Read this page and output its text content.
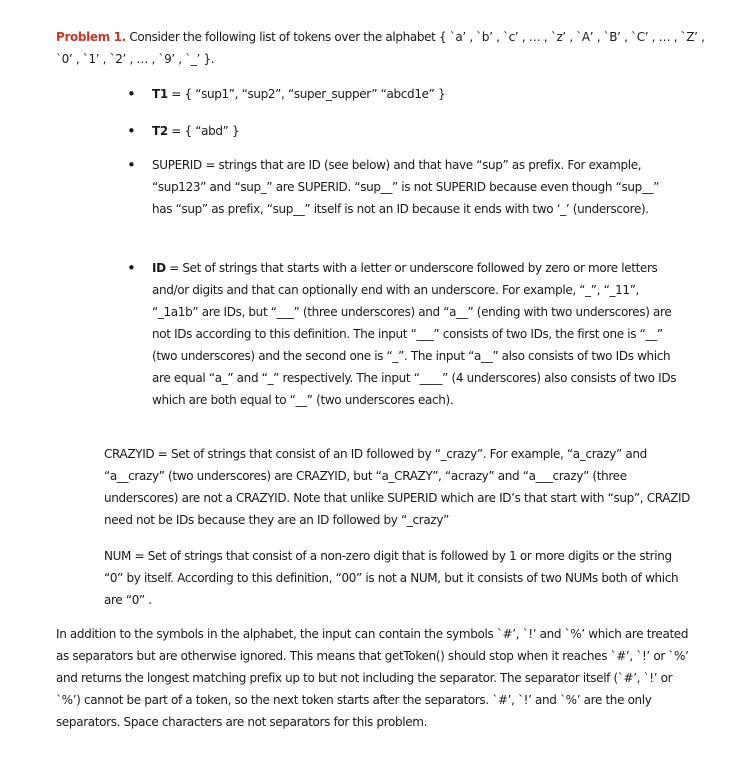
Problem 1. Consider the following list of tokens over the alphabet { `a’ , `b’ , `c’ , … , `z’ , `A’ , `B’ , `C’ , … , `Z’ , `0’ , `1’ , `2’ , … , `9’ , `_’ }.

• T1 = { “sup1”, “sup2”, “super_supper” “abcd1e” }
• T2 = { “abd” }
• SUPERID = strings that are ID (see below) and that have “sup” as prefix. For example, “sup123” and “sup_” are SUPERID. “sup__” is not SUPERID because even though “sup__” has “sup” as prefix, “sup__” itself is not an ID because it ends with two ‘_’ (underscore).
• ID = Set of strings that starts with a letter or underscore followed by zero or more letters and/or digits and that can optionally end with an underscore. For example, “_”, “_11”, “_1a1b” are IDs, but “___” (three underscores) and “a__” (ending with two underscores) are not IDs according to this definition. The input “___” consists of two IDs, the first one is “__” (two underscores) and the second one is “_”. The input “a__” also consists of two IDs which are equal “a_” and “_” respectively. The input “____” (4 underscores) also consists of two IDs which are both equal to “__” (two underscores each).

CRAZYID = Set of strings that consist of an ID followed by “_crazy”. For example, “a_crazy” and “a__crazy” (two underscores) are CRAZYID, but “a_CRAZY”, “acrazy” and “a___crazy” (three underscores) are not a CRAZYID. Note that unlike SUPERID which are ID’s that start with “sup”, CRAZID need not be IDs because they are an ID followed by “_crazy”

NUM = Set of strings that consist of a non-zero digit that is followed by 1 or more digits or the string “0” by itself. According to this definition, “00” is not a NUM, but it consists of two NUMs both of which are “0” .

In addition to the symbols in the alphabet, the input can contain the symbols `#’, `!’ and `%’ which are treated as separators but are otherwise ignored. This means that getToken() should stop when it reaches `#’, `!’ or `%’ and returns the longest matching prefix up to but not including the separator. The separator itself (`#’, `!’ or `%’) cannot be part of a token, so the next token starts after the separators. `#’, `!’ and `%’ are the only separators. Space characters are not separators for this problem.
